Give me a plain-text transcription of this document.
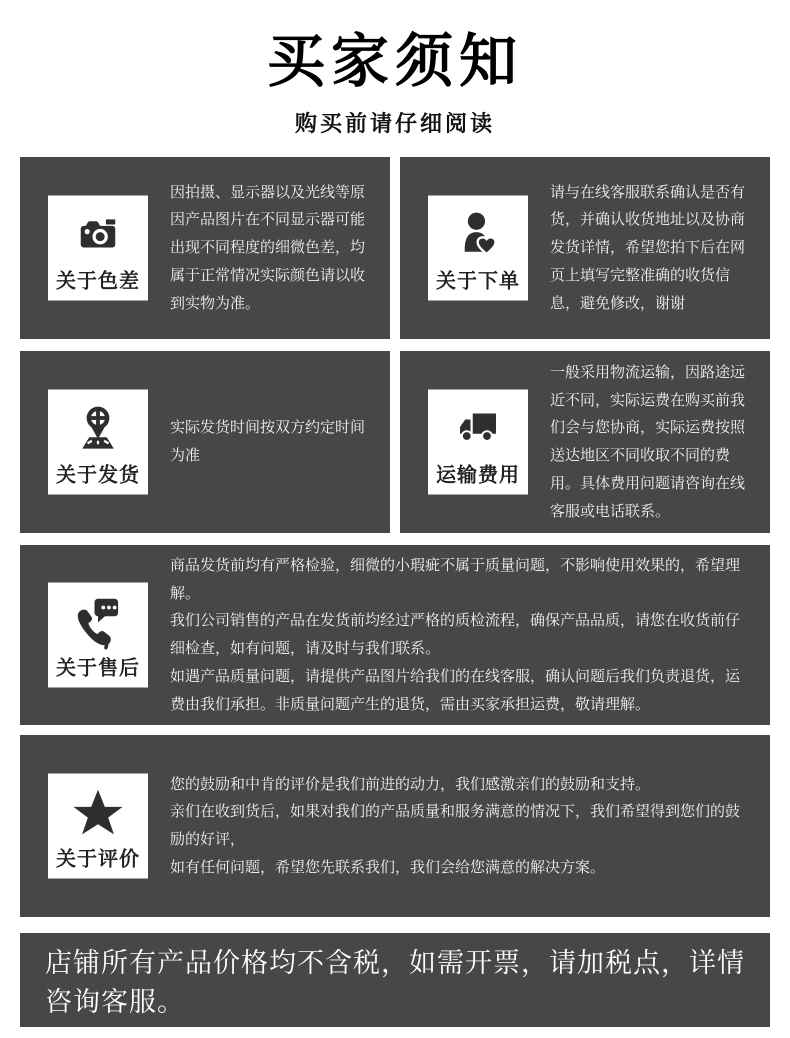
买家须知
购买前请仔细阅读
关于色差

因拍摄、显示器以及光线等原因产品图片在不同显示器可能出现不同程度的细微色差，均属于正常情况实际颜色请以收到实物为准。

关于下单

请与在线客服联系确认是否有货，并确认收货地址以及协商发货详情，希望您拍下后在网页上填写完整准确的收货信息，避免修改，谢谢

关于发货

实际发货时间按双方约定时间为准

运输费用

一般采用物流运输，因路途远近不同，实际运费在购买前我们会与您协商，实际运费按照送达地区不同收取不同的费用。具体费用问题请咨询在线客服或电话联系。

关于售后

商品发货前均有严格检验，细微的小瑕疵不属于质量问题，不影响使用效果的，希望理解。

我们公司销售的产品在发货前均经过严格的质检流程，确保产品品质，请您在收货前仔细检查，如有问题，请及时与我们联系。

如遇产品质量问题，请提供产品图片给我们的在线客服，确认问题后我们负责退货，运费由我们承担。非质量问题产生的退货，需由买家承担运费，敬请理解。

关于评价

您的鼓励和中肯的评价是我们前进的动力，我们感激亲们的鼓励和支持。

亲们在收到货后，如果对我们的产品质量和服务满意的情况下，我们希望得到您们的鼓励的好评，

如有任何问题，希望您先联系我们，我们会给您满意的解决方案。

店铺所有产品价格均不含税，如需开票，请加税点，详情咨询客服。
